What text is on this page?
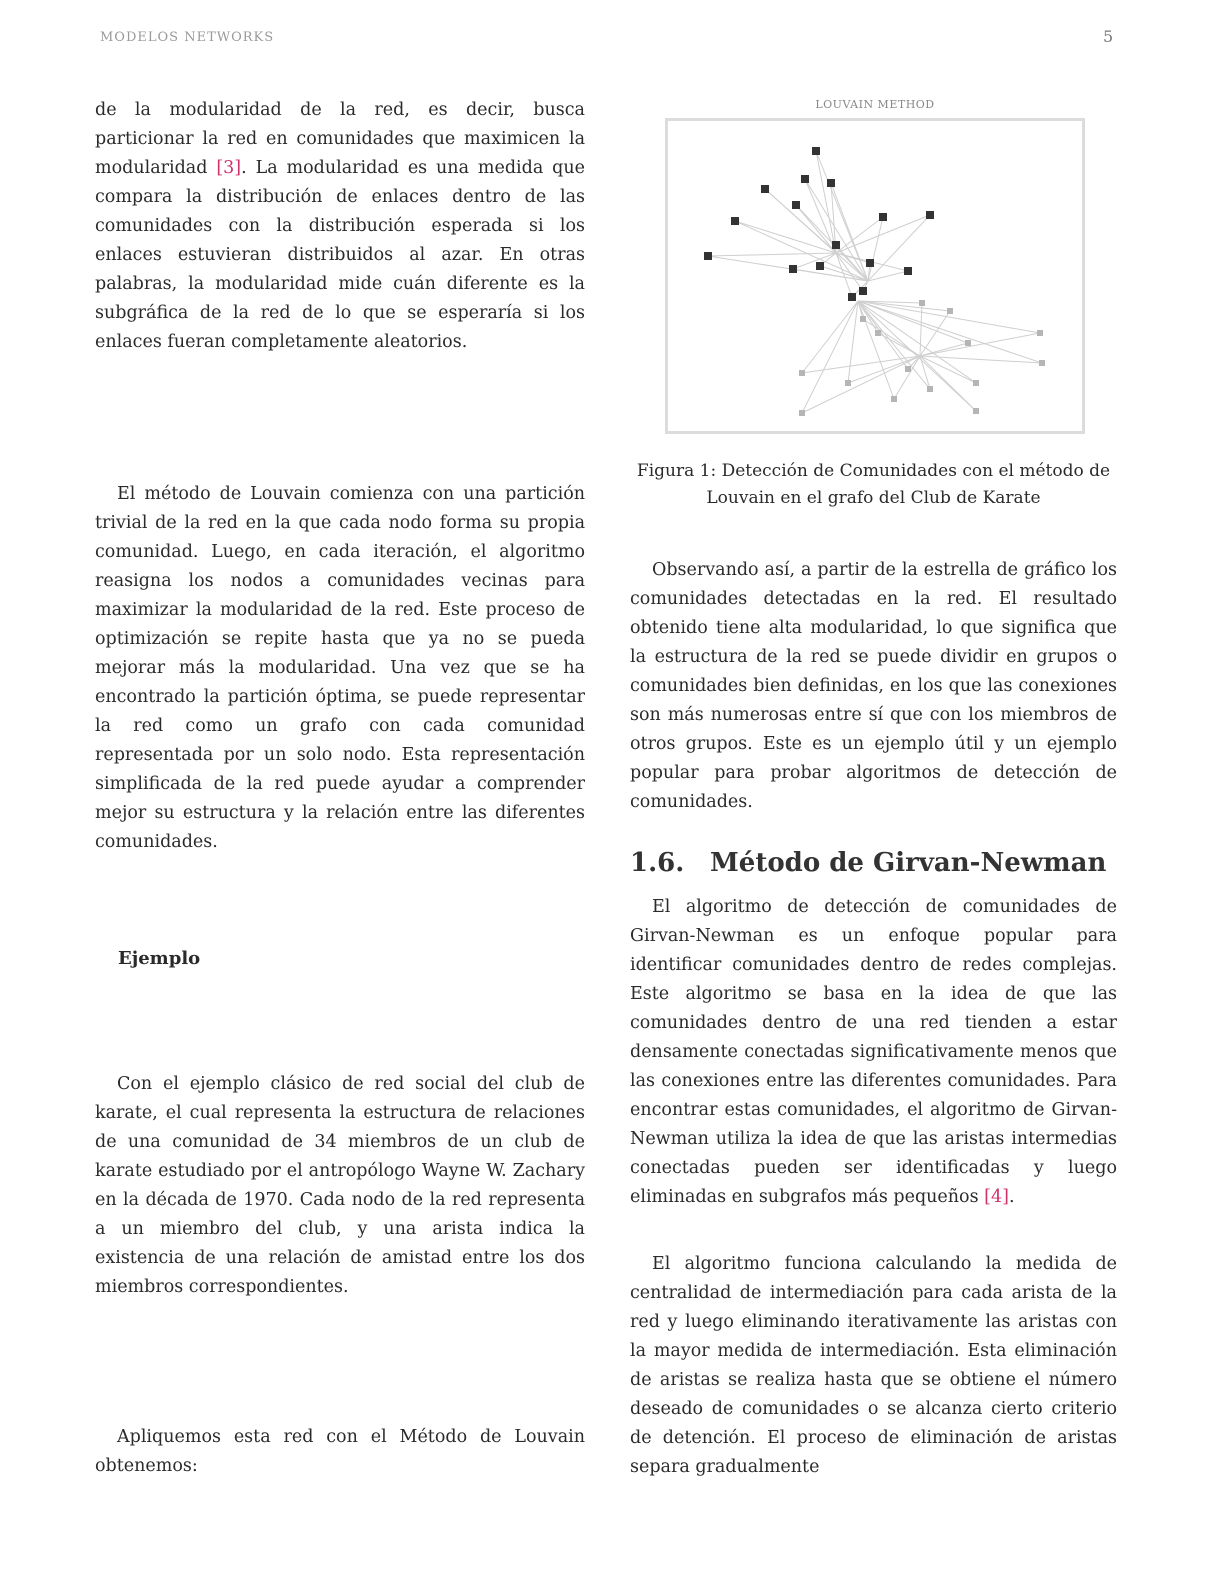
MODELOS NETWORKS	5

de la modularidad de la red, es decir, busca particionar la red en comunidades que maximicen la modularidad [3]. La modularidad es una medida que compara la distribución de enlaces dentro de las comunidades con la distribución esperada si los enlaces estuvieran distribuidos al azar. En otras palabras, la modularidad mide cuán diferente es la subgráfica de la red de lo que se esperaría si los enlaces fueran completamente aleatorios.

El método de Louvain comienza con una partición trivial de la red en la que cada nodo forma su propia comunidad. Luego, en cada iteración, el algoritmo reasigna los nodos a comunidades vecinas para maximizar la modularidad de la red. Este proceso de optimización se repite hasta que ya no se pueda mejorar más la modularidad. Una vez que se ha encontrado la partición óptima, se puede representar la red como un grafo con cada comunidad representada por un solo nodo. Esta representación simplificada de la red puede ayudar a comprender mejor su estructura y la relación entre las diferentes comunidades.

Ejemplo

Con el ejemplo clásico de red social del club de karate, el cual representa la estructura de relaciones de una comunidad de 34 miembros de un club de karate estudiado por el antropólogo Wayne W. Zachary en la década de 1970. Cada nodo de la red representa a un miembro del club, y una arista indica la existencia de una relación de amistad entre los dos miembros correspondientes.

Apliquemos esta red con el Método de Louvain obtenemos:

LOUVAIN METHOD
Figura 1: Detección de Comunidades con el método de Louvain en el grafo del Club de Karate

Observando así, a partir de la estrella de gráfico los comunidades detectadas en la red. El resultado obtenido tiene alta modularidad, lo que significa que la estructura de la red se puede dividir en grupos o comunidades bien definidas, en los que las conexiones son más numerosas entre sí que con los miembros de otros grupos. Este es un ejemplo útil y un ejemplo popular para probar algoritmos de detección de comunidades.

1.6. Método de Girvan-Newman

El algoritmo de detección de comunidades de Girvan-Newman es un enfoque popular para identificar comunidades dentro de redes complejas. Este algoritmo se basa en la idea de que las comunidades dentro de una red tienden a estar densamente conectadas significativamente menos que las conexiones entre las diferentes comunidades. Para encontrar estas comunidades, el algoritmo de Girvan-Newman utiliza la idea de que las aristas intermedias conectadas pueden ser identificadas y luego eliminadas en subgrafos más pequeños [4].

El algoritmo funciona calculando la medida de centralidad de intermediación para cada arista de la red y luego eliminando iterativamente las aristas con la mayor medida de intermediación. Esta eliminación de aristas se realiza hasta que se obtiene el número deseado de comunidades o se alcanza cierto criterio de detención. El proceso de eliminación de aristas separa gradualmente
